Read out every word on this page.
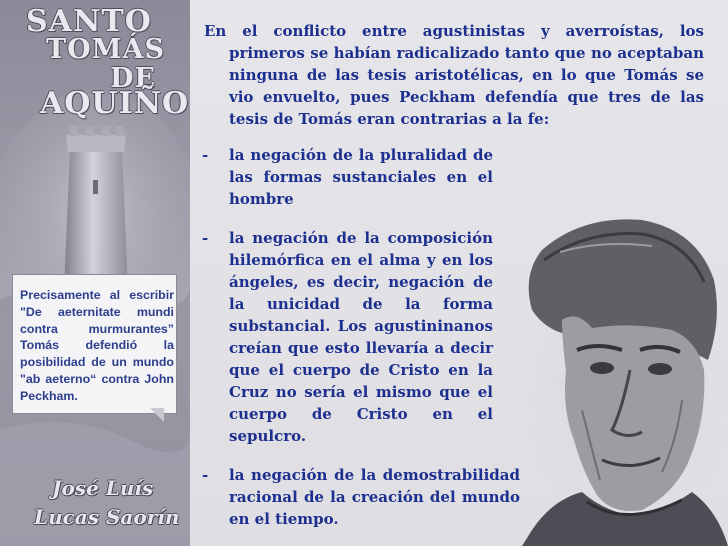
SANTO
TOMÁS
DE
AQUIÑO

Precisamente al escribir "De aeternitate mundi contra murmurantes” Tomás defendió la posibilidad de un mundo "ab aeterno“ contra John Peckham.

José Luís
Lucas Saorín

En el conflicto entre agustinistas y averroístas, los primeros se habían radicalizado tanto que no aceptaban ninguna de las tesis aristotélicas, en lo que Tomás se vio envuelto, pues Peckham defendía que tres de las tesis de Tomás eran contrarias a la fe:

- la negación de la pluralidad de las formas sustanciales en el hombre
- la negación de la composición hilemórfica en el alma y en los ángeles, es decir, negación de la unicidad de la forma substancial. Los agustininanos creían que esto llevaría a decir que el cuerpo de Cristo en la Cruz no sería el mismo que el cuerpo de Cristo en el sepulcro.
- la negación de la demostrabilidad racional de la creación del mundo en el tiempo.
